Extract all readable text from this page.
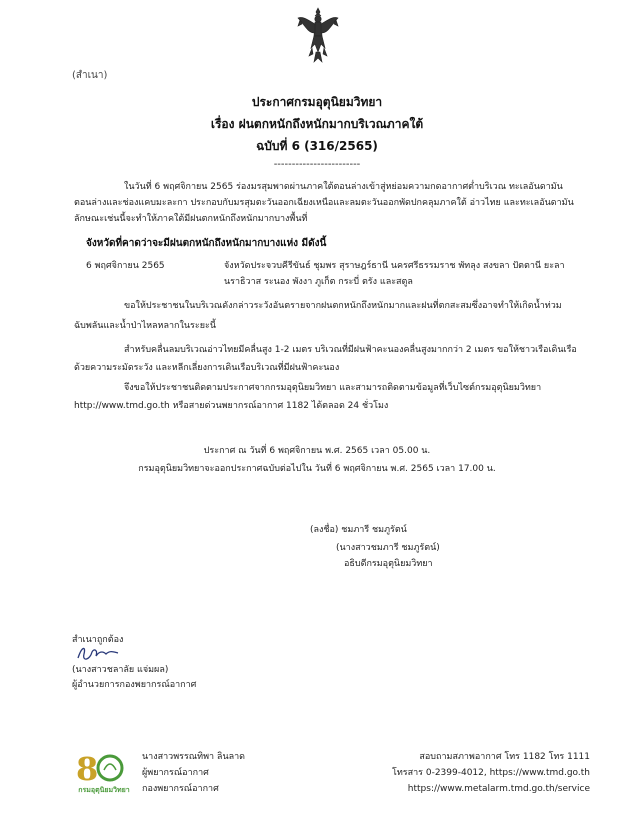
(สำเนา)
ประกาศกรมอุตุนิยมวิทยา
เรื่อง ฝนตกหนักถึงหนักมากบริเวณภาคใต้
ฉบับที่ 6 (316/2565)
------------------------
ในวันที่ 6 พฤศจิกายน 2565 ร่องมรสุมพาดผ่านภาคใต้ตอนล่างเข้าสู่หย่อมความกดอากาศต่ำบริเวณ ทะเลอันดามัน
ตอนล่างและช่องแคบมะละกา ประกอบกับมรสุมตะวันออกเฉียงเหนือและลมตะวันออกพัดปกคลุมภาคใต้ อ่าวไทย และทะเลอันดามัน
ลักษณะเช่นนี้จะทำให้ภาคใต้มีฝนตกหนักถึงหนักมากบางพื้นที่
จังหวัดที่คาดว่าจะมีฝนตกหนักถึงหนักมากบางแห่ง มีดังนี้
6 พฤศจิกายน 2565	จังหวัดประจวบคีรีขันธ์ ชุมพร สุราษฎร์ธานี นครศรีธรรมราช พัทลุง สงขลา ปัตตานี ยะลา
นราธิวาส ระนอง พังงา ภูเก็ต กระบี่ ตรัง และสตูล
ขอให้ประชาชนในบริเวณดังกล่าวระวังอันตรายจากฝนตกหนักถึงหนักมากและฝนที่ตกสะสมซึ่งอาจทำให้เกิดน้ำท่วม
ฉับพลันและน้ำป่าไหลหลากในระยะนี้
สำหรับคลื่นลมบริเวณอ่าวไทยมีคลื่นสูง 1-2 เมตร บริเวณที่มีฝนฟ้าคะนองคลื่นสูงมากกว่า 2 เมตร ขอให้ชาวเรือเดินเรือ
ด้วยความระมัดระวัง และหลีกเลี่ยงการเดินเรือบริเวณที่มีฝนฟ้าคะนอง
จึงขอให้ประชาชนติดตามประกาศจากกรมอุตุนิยมวิทยา และสามารถติดตามข้อมูลที่เว็บไซต์กรมอุตุนิยมวิทยา
http://www.tmd.go.th หรือสายด่วนพยากรณ์อากาศ 1182 ได้ตลอด 24 ชั่วโมง
ประกาศ ณ วันที่ 6 พฤศจิกายน พ.ศ. 2565 เวลา 05.00 น.
กรมอุตุนิยมวิทยาจะออกประกาศฉบับต่อไปใน วันที่ 6 พฤศจิกายน พ.ศ. 2565 เวลา 17.00 น.
(ลงชื่อ) ชมภารี ชมภูรัตน์
(นางสาวชมภารี ชมภูรัตน์)
อธิบดีกรมอุตุนิยมวิทยา
สำเนาถูกต้อง
(นางสาวชลาลัย แจ่มผล)
ผู้อำนวยการกองพยากรณ์อากาศ
8
กรมอุตุนิยมวิทยา
นางสาวพรรณทิพา ลินลาด
ผู้พยากรณ์อากาศ
กองพยากรณ์อากาศ
สอบถามสภาพอากาศ โทร 1182 โทร 1111
โทรสาร 0-2399-4012, https://www.tmd.go.th
https://www.metalarm.tmd.go.th/service
